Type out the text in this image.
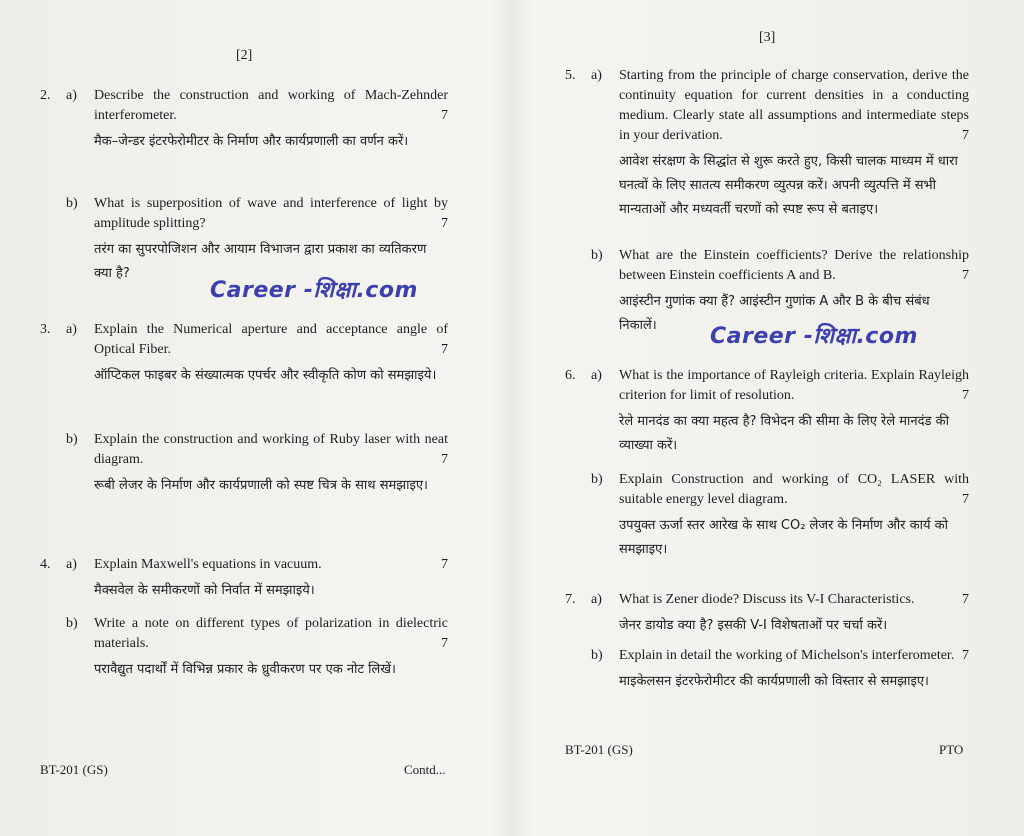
[2]
2. a) Describe the construction and working of Mach-Zehnder interferometer.	7
मैक–जेन्डर इंटरफेरोमीटर के निर्माण और कार्यप्रणाली का वर्णन करें।
b) What is superposition of wave and interference of light by amplitude splitting?	7
तरंग का सुपरपोजिशन और आयाम विभाजन द्वारा प्रकाश का व्यतिकरण क्या है?
Career -शिक्षा.com
3. a) Explain the Numerical aperture and acceptance angle of Optical Fiber.	7
ऑप्टिकल फाइबर के संख्यात्मक एपर्चर और स्वीकृति कोण को समझाइये।
b) Explain the construction and working of Ruby laser with neat diagram.	7
रूबी लेजर के निर्माण और कार्यप्रणाली को स्पष्ट चित्र के साथ समझाइए।
4. a) Explain Maxwell's equations in vacuum.	7
मैक्सवेल के समीकरणों को निर्वात में समझाइये।
b) Write a note on different types of polarization in dielectric materials.	7
परावैद्युत पदार्थों में विभिन्न प्रकार के ध्रुवीकरण पर एक नोट लिखें।
BT-201 (GS)	Contd...
[3]
5. a) Starting from the principle of charge conservation, derive the continuity equation for current densities in a conducting medium. Clearly state all assumptions and intermediate steps in your derivation.	7
आवेश संरक्षण के सिद्धांत से शुरू करते हुए, किसी चालक माध्यम में धारा घनत्वों के लिए सातत्य समीकरण व्युत्पन्न करें। अपनी व्युत्पत्ति में सभी मान्यताओं और मध्यवर्ती चरणों को स्पष्ट रूप से बताइए।
b) What are the Einstein coefficients? Derive the relationship between Einstein coefficients A and B.	7
आइंस्टीन गुणांक क्या हैं? आइंस्टीन गुणांक A और B के बीच संबंध निकालें।	Career -शिक्षा.com
6. a) What is the importance of Rayleigh criteria. Explain Rayleigh criterion for limit of resolution.	7
रेले मानदंड का क्या महत्व है? विभेदन की सीमा के लिए रेले मानदंड की व्याख्या करें।
b) Explain Construction and working of CO₂ LASER with suitable energy level diagram.	7
उपयुक्त ऊर्जा स्तर आरेख के साथ CO₂ लेजर के निर्माण और कार्य को समझाइए।
7. a) What is Zener diode? Discuss its V-I Characteristics.	7
जेनर डायोड क्या है? इसकी V-I विशेषताओं पर चर्चा करें।
b) Explain in detail the working of Michelson's interferometer. 7
माइकेलसन इंटरफेरोमीटर की कार्यप्रणाली को विस्तार से समझाइए।
BT-201 (GS)	PTO
